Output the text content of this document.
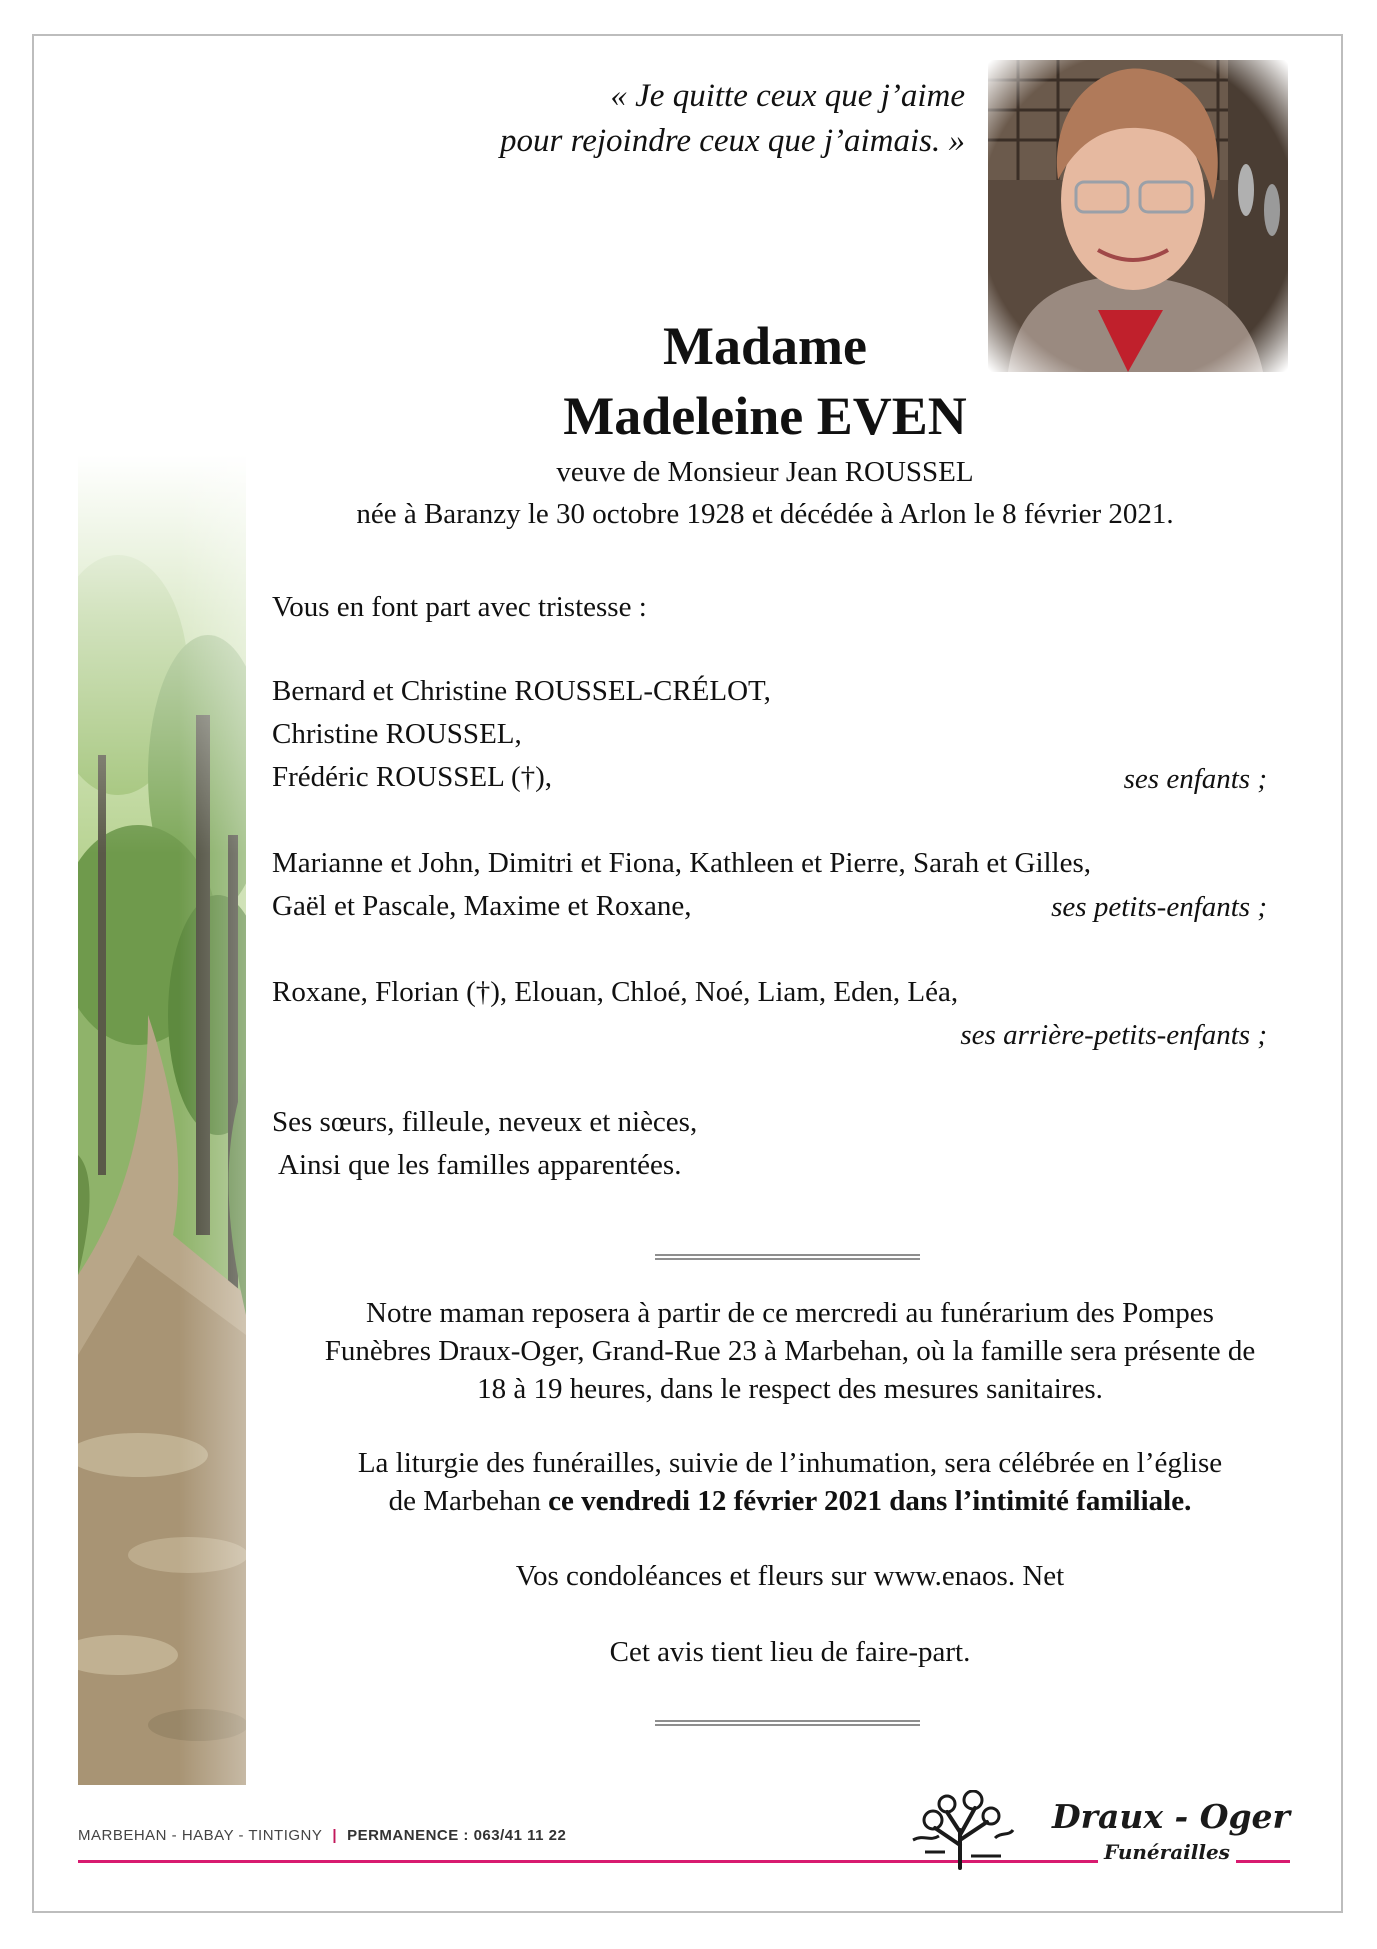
« Je quitte ceux que j’aime
pour rejoindre ceux que j’aimais. »
Madame
Madeleine EVEN
veuve de Monsieur Jean ROUSSEL
née à Baranzy le 30 octobre 1928 et décédée à Arlon le 8 février 2021.
Vous en font part avec tristesse :
Bernard et Christine ROUSSEL-CRÉLOT,
Christine ROUSSEL,
Frédéric ROUSSEL (†),	ses enfants ;
Marianne et John, Dimitri et Fiona, Kathleen et Pierre, Sarah et Gilles,
Gaël et Pascale, Maxime et Roxane,	ses petits-enfants ;
Roxane, Florian (†), Elouan, Chloé, Noé, Liam, Eden, Léa,
ses arrière-petits-enfants ;
Ses sœurs, filleule, neveux et nièces,
Ainsi que les familles apparentées.
Notre maman reposera à partir de ce mercredi au funérarium des Pompes
Funèbres Draux-Oger, Grand-Rue 23 à Marbehan, où la famille sera présente de
18 à 19 heures, dans le respect des mesures sanitaires.
La liturgie des funérailles, suivie de l’inhumation, sera célébrée en l’église
de Marbehan ce vendredi 12 février 2021 dans l’intimité familiale.
Vos condoléances et fleurs sur www.enaos. Net
Cet avis tient lieu de faire-part.
MARBEHAN - HABAY - TINTIGNY | PERMANENCE : 063/41 11 22	Draux - Oger
Funérailles
